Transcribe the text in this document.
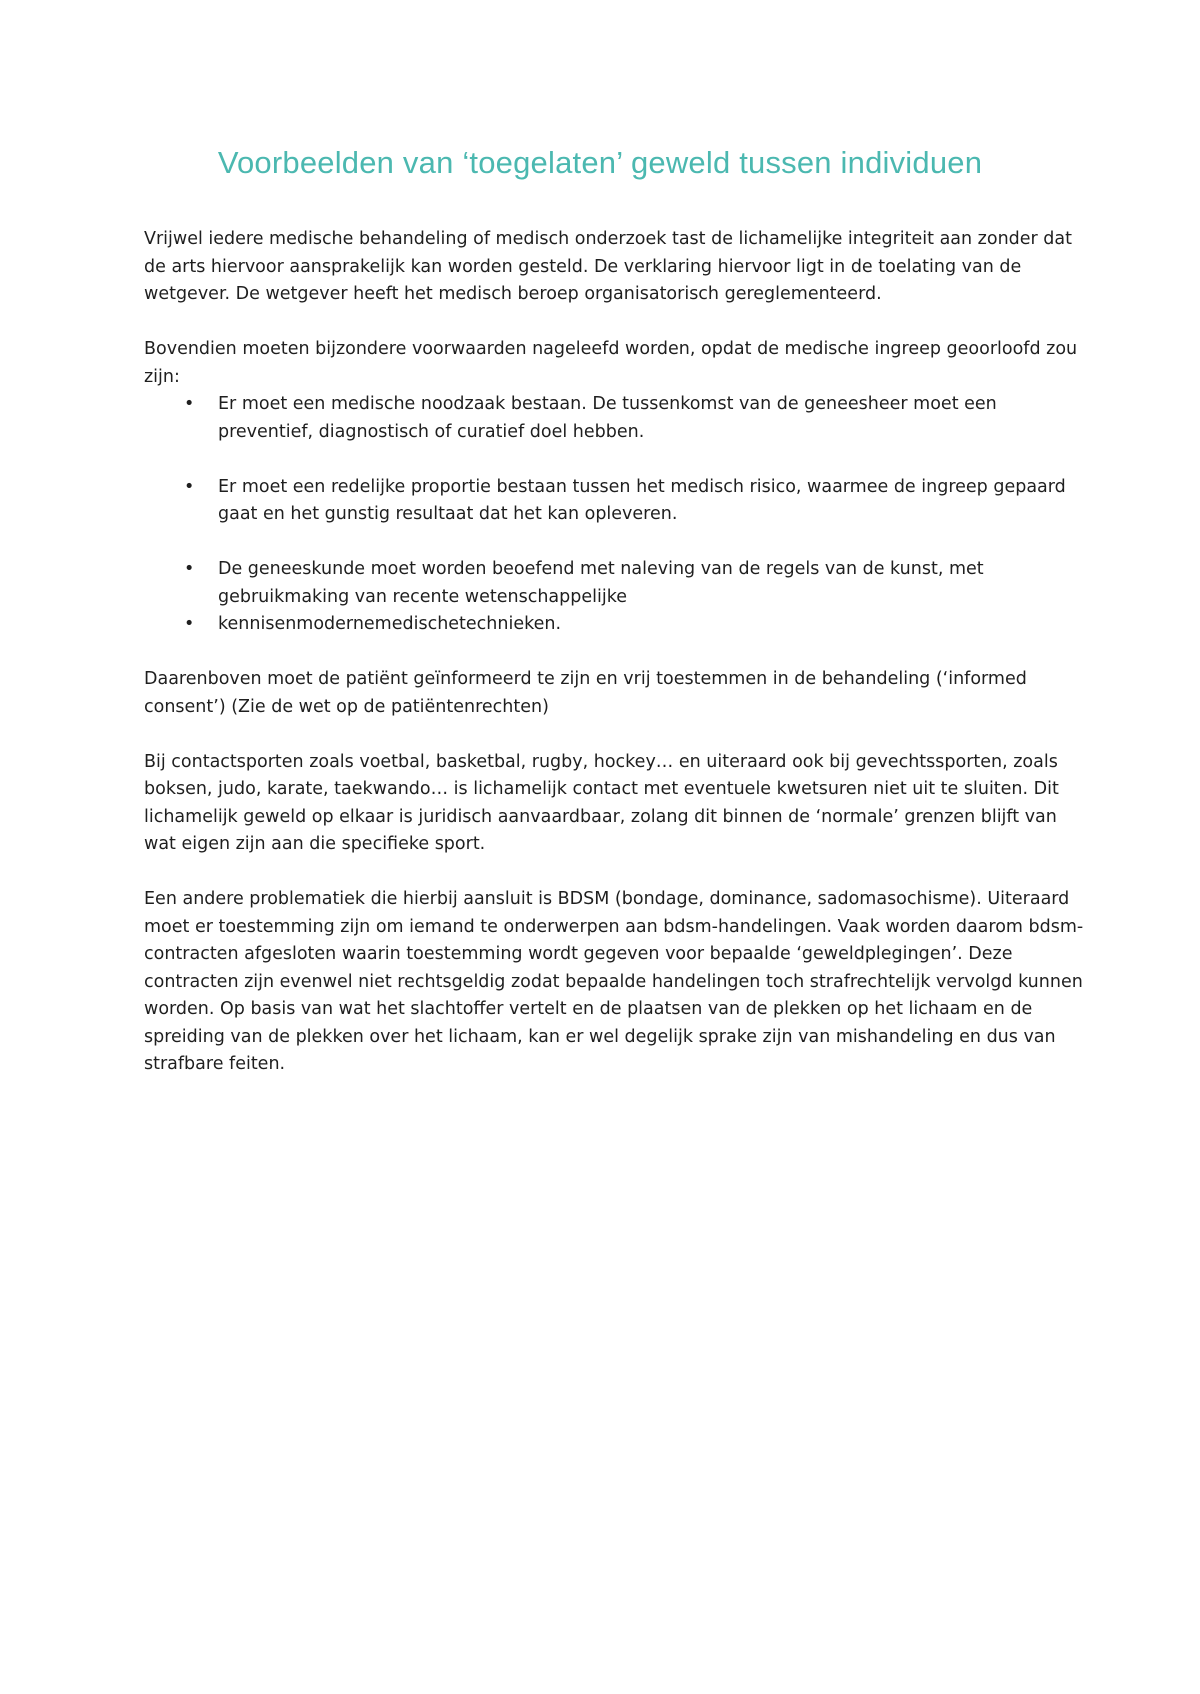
Voorbeelden van ‘toegelaten’ geweld tussen individuen

Vrijwel iedere medische behandeling of medisch onderzoek tast de lichamelijke integriteit aan zonder dat de arts hiervoor aansprakelijk kan worden gesteld. De verklaring hiervoor ligt in de toelating van de wetgever. De wetgever heeft het medisch beroep organisatorisch gereglementeerd.

Bovendien moeten bijzondere voorwaarden nageleefd worden, opdat de medische ingreep geoorloofd zou zijn:

• Er moet een medische noodzaak bestaan. De tussenkomst van de geneesheer moet een preventief, diagnostisch of curatief doel hebben.
• Er moet een redelijke proportie bestaan tussen het medisch risico, waarmee de ingreep gepaard gaat en het gunstig resultaat dat het kan opleveren.
• De geneeskunde moet worden beoefend met naleving van de regels van de kunst, met gebruikmaking van recente wetenschappelijke
• kennisenmodernemedischetechnieken.

Daarenboven moet de patiënt geïnformeerd te zijn en vrij toestemmen in de behandeling (‘informed consent’) (Zie de wet op de patiëntenrechten)

Bij contactsporten zoals voetbal, basketbal, rugby, hockey… en uiteraard ook bij gevechtssporten, zoals boksen, judo, karate, taekwando… is lichamelijk contact met eventuele kwetsuren niet uit te sluiten. Dit lichamelijk geweld op elkaar is juridisch aanvaardbaar, zolang dit binnen de ‘normale’ grenzen blijft van wat eigen zijn aan die specifieke sport.

Een andere problematiek die hierbij aansluit is BDSM (bondage, dominance, sadomasochisme). Uiteraard moet er toestemming zijn om iemand te onderwerpen aan bdsm-handelingen. Vaak worden daarom bdsm-contracten afgesloten waarin toestemming wordt gegeven voor bepaalde ‘geweldplegingen’. Deze contracten zijn evenwel niet rechtsgeldig zodat bepaalde handelingen toch strafrechtelijk vervolgd kunnen worden. Op basis van wat het slachtoffer vertelt en de plaatsen van de plekken op het lichaam en de spreiding van de plekken over het lichaam, kan er wel degelijk sprake zijn van mishandeling en dus van strafbare feiten.
